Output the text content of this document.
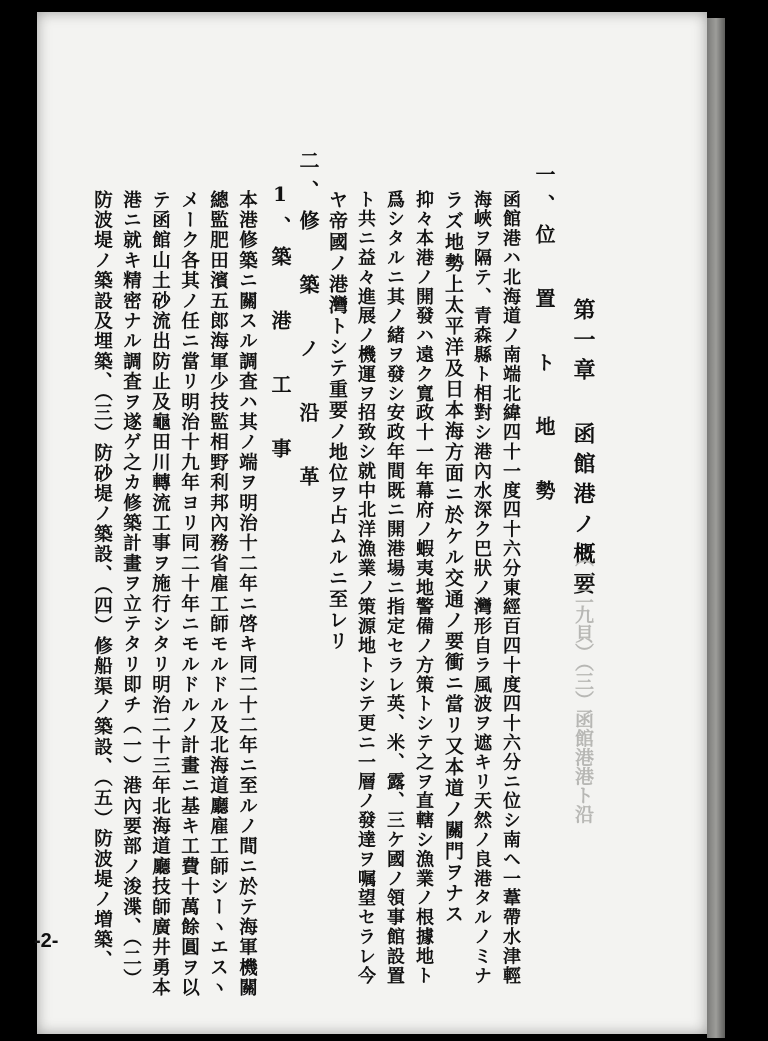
第一章 函館港ノ概要
（一二九貝）（三）函館港港ト沿
一、位 置 ト 地 勢
函館港ハ北海道ノ南端北緯四十一度四十六分東經百四十度四十六分ニ位シ南ヘ一葦帶水津輕
海峽ヲ隔テ、青森縣ト相對シ港內水深ク巴狀ノ灣形自ラ風波ヲ遮キリ天然ノ良港タルノミナ
ラズ地勢上太平洋及日本海方面ニ於ケル交通ノ要衝ニ當リ又本道ノ關門ヲナス
抑々本港ノ開發ハ遠ク寬政十一年幕府ノ蝦夷地警備ノ方策トシテ之ヲ直轄シ漁業ノ根據地ト
爲シタルニ其ノ緒ヲ發シ安政年間既ニ開港場ニ指定セラレ英、米、露、三ケ國ノ領事館設置
ト共ニ益々進展ノ機運ヲ招致シ就中北洋漁業ノ策源地トシテ更ニ一層ノ發達ヲ嘱望セラレ今
ヤ帝國ノ港灣トシテ重要ノ地位ヲ占ムルニ至レリ
二、修 築 ノ 沿 革
1、築 港 工 事
本港修築ニ關スル調査ハ其ノ端ヲ明治十二年ニ啓キ同二十二年ニ至ルノ間ニ於テ海軍機關
總監肥田濱五郎海軍少技監相野利邦內務省雇工師モルドル及北海道廳雇工師シーヽエスヽ
メーク各其ノ任ニ當リ明治十九年ヨリ同二十年ニモルドルノ計畫ニ基キ工費十萬餘圓ヲ以
テ函館山土砂流出防止及龜田川轉流工事ヲ施行シタリ明治二十三年北海道廳技師廣井勇本
港ニ就キ精密ナル調査ヲ遂ゲ之カ修築計畫ヲ立テタリ即チ（一）港內要部ノ浚渫、（二）
防波堤ノ築設及埋築、（三）防砂堤ノ築設、（四）修船渠ノ築設、（五）防波堤ノ増築、
-2-
